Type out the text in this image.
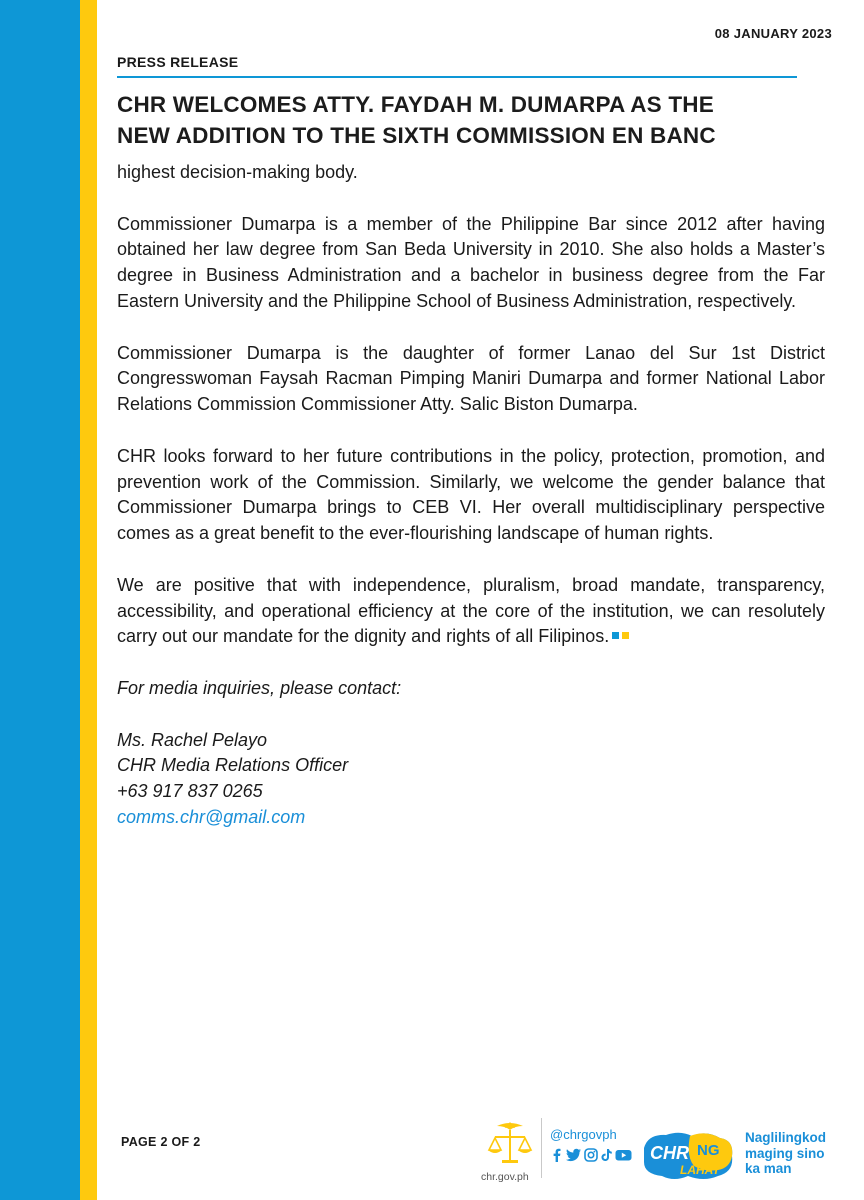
08 JANUARY 2023
PRESS RELEASE
CHR WELCOMES ATTY. FAYDAH M. DUMARPA AS THE
NEW ADDITION TO THE SIXTH COMMISSION EN BANC

highest decision-making body.

Commissioner Dumarpa is a member of the Philippine Bar since 2012 after having obtained her law degree from San Beda University in 2010. She also holds a Master’s degree in Business Administration and a bachelor in business degree from the Far Eastern University and the Philippine School of Business Administration, respectively.

Commissioner Dumarpa is the daughter of former Lanao del Sur 1st District Congresswoman Faysah Racman Pimping Maniri Dumarpa and former National Labor Relations Commission Commissioner Atty. Salic Biston Dumarpa.

CHR looks forward to her future contributions in the policy, protection, promotion, and prevention work of the Commission. Similarly, we welcome the gender balance that Commissioner Dumarpa brings to CEB VI. Her overall multidisciplinary perspective comes as a great benefit to the ever-flourishing landscape of human rights.

We are positive that with independence, pluralism, broad mandate, transparency, accessibility, and operational efficiency at the core of the institution, we can resolutely carry out our mandate for the dignity and rights of all Filipinos.

For media inquiries, please contact:
Ms. Rachel Pelayo
CHR Media Relations Officer
+63 917 837 0265
comms.chr@gmail.com
PAGE 2 OF 2
chr.gov.ph
@chrgovph
CHR NG
LAHAT
Naglilingkod
maging sino
ka man
